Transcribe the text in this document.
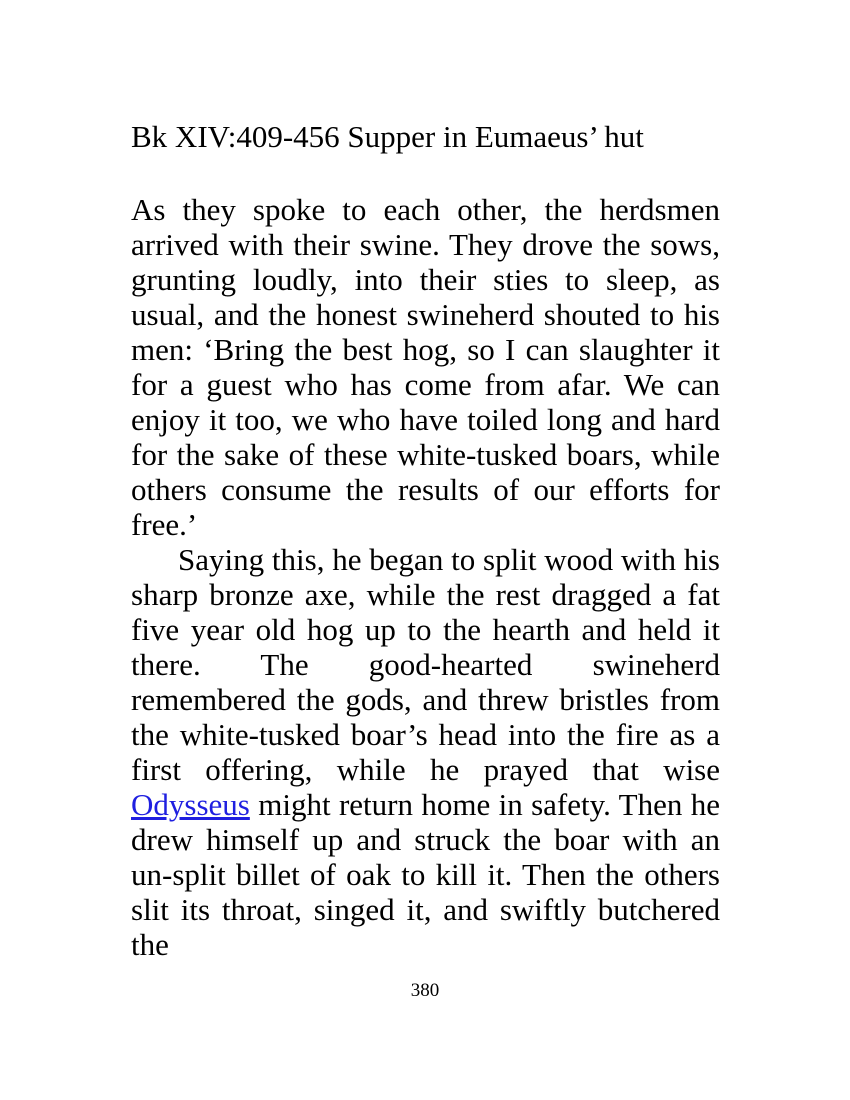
Bk XIV:409-456 Supper in Eumaeus’ hut

As they spoke to each other, the herdsmen arrived with their swine. They drove the sows, grunting loudly, into their sties to sleep, as usual, and the honest swineherd shouted to his men: ‘Bring the best hog, so I can slaughter it for a guest who has come from afar. We can enjoy it too, we who have toiled long and hard for the sake of these white-tusked boars, while others consume the results of our efforts for free.’

Saying this, he began to split wood with his sharp bronze axe, while the rest dragged a fat five year old hog up to the hearth and held it there. The good-hearted swineherd remembered the gods, and threw bristles from the white-tusked boar’s head into the fire as a first offering, while he prayed that wise Odysseus might return home in safety. Then he drew himself up and struck the boar with an un-split billet of oak to kill it. Then the others slit its throat, singed it, and swiftly butchered the

380
